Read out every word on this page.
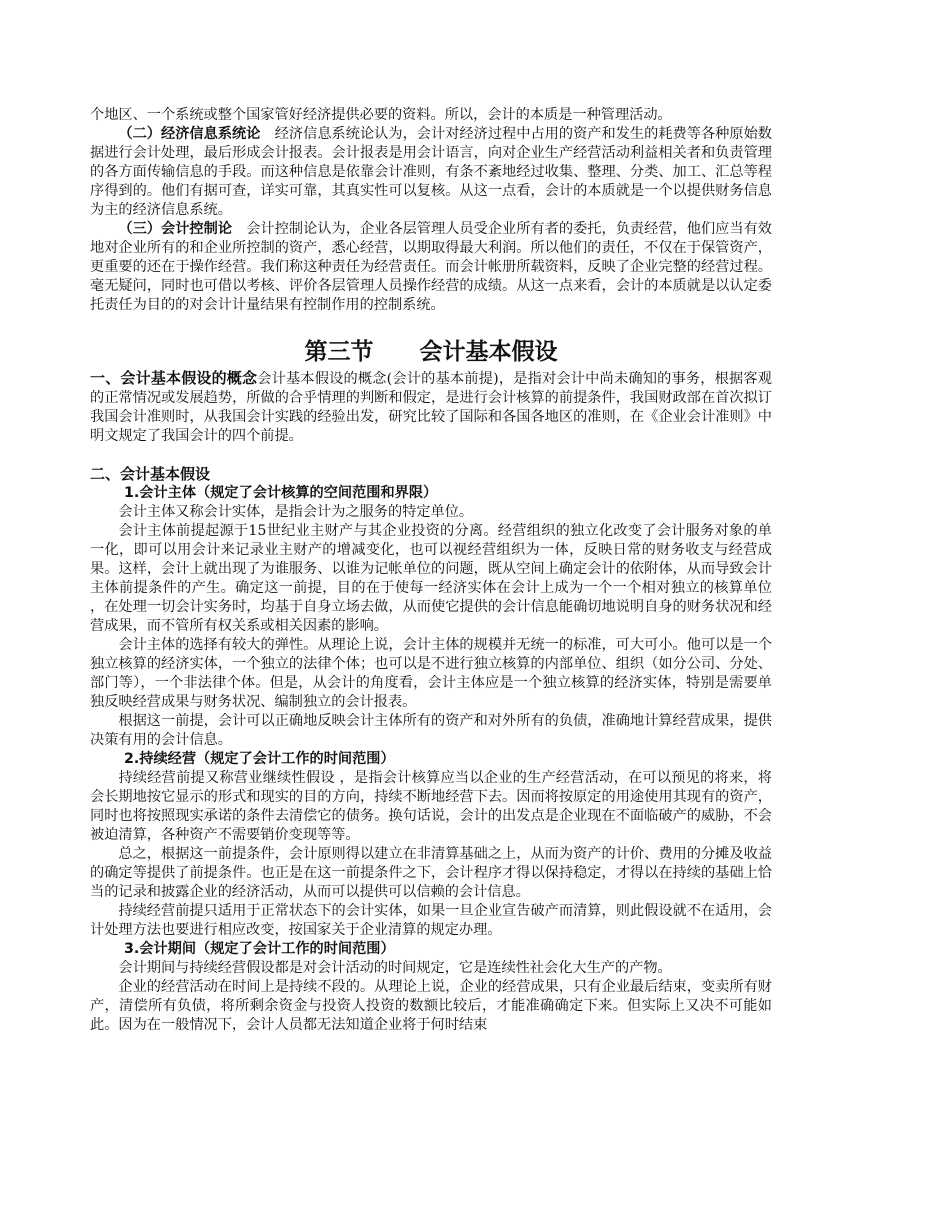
个地区、一个系统或整个国家管好经济提供必要的资料。所以，会计的本质是一种管理活动。

（二）经济信息系统论　经济信息系统论认为，会计对经济过程中占用的资产和发生的耗费等各种原始数据进行会计处理，最后形成会计报表。会计报表是用会计语言，向对企业生产经营活动利益相关者和负责管理的各方面传输信息的手段。而这种信息是依靠会计准则，有条不紊地经过收集、整理、分类、加工、汇总等程序得到的。他们有据可查，详实可靠，其真实性可以复核。从这一点看，会计的本质就是一个以提供财务信息为主的经济信息系统。

（三）会计控制论　会计控制论认为，企业各层管理人员受企业所有者的委托，负责经营，他们应当有效地对企业所有的和企业所控制的资产，悉心经营，以期取得最大利润。所以他们的责任，不仅在于保管资产，更重要的还在于操作经营。我们称这种责任为经营责任。而会计帐册所载资料，反映了企业完整的经营过程。毫无疑问，同时也可借以考核、评价各层管理人员操作经营的成绩。从这一点来看，会计的本质就是以认定委托责任为目的的对会计计量结果有控制作用的控制系统。

第三节 会计基本假设

一、会计基本假设的概念会计基本假设的概念(会计的基本前提)，是指对会计中尚未确知的事务，根据客观的正常情况或发展趋势，所做的合乎情理的判断和假定，是进行会计核算的前提条件，我国财政部在首次拟订我国会计准则时，从我国会计实践的经验出发，研究比较了国际和各国各地区的准则，在《企业会计准则》中明文规定了我国会计的四个前提。

二、会计基本假设

1.会计主体（规定了会计核算的空间范围和界限）

会计主体又称会计实体，是指会计为之服务的特定单位。

会计主体前提起源于15世纪业主财产与其企业投资的分离。经营组织的独立化改变了会计服务对象的单一化，即可以用会计来记录业主财产的增减变化，也可以视经营组织为一体，反映日常的财务收支与经营成果。这样，会计上就出现了为谁服务、以谁为记帐单位的问题，既从空间上确定会计的依附体，从而导致会计主体前提条件的产生。确定这一前提，目的在于使每一经济实体在会计上成为一个一个相对独立的核算单位 ，在处理一切会计实务时，均基于自身立场去做，从而使它提供的会计信息能确切地说明自身的财务状况和经营成果，而不管所有权关系或相关因素的影响。

会计主体的选择有较大的弹性。从理论上说，会计主体的规模并无统一的标准，可大可小。他可以是一个独立核算的经济实体，一个独立的法律个体；也可以是不进行独立核算的内部单位、组织（如分公司、分处、部门等），一个非法律个体。但是，从会计的角度看，会计主体应是一个独立核算的经济实体，特别是需要单独反映经营成果与财务状况、编制独立的会计报表。

根据这一前提，会计可以正确地反映会计主体所有的资产和对外所有的负债，准确地计算经营成果，提供决策有用的会计信息。

2.持续经营（规定了会计工作的时间范围）

持续经营前提又称营业继续性假设 ，是指会计核算应当以企业的生产经营活动，在可以预见的将来，将会长期地按它显示的形式和现实的目的方向，持续不断地经营下去。因而将按原定的用途使用其现有的资产，同时也将按照现实承诺的条件去清偿它的债务。换句话说，会计的出发点是企业现在不面临破产的威胁，不会被迫清算，各种资产不需要销价变现等等。

总之，根据这一前提条件，会计原则得以建立在非清算基础之上，从而为资产的计价、费用的分摊及收益的确定等提供了前提条件。也正是在这一前提条件之下，会计程序才得以保持稳定，才得以在持续的基础上恰当的记录和披露企业的经济活动，从而可以提供可以信赖的会计信息。

持续经营前提只适用于正常状态下的会计实体，如果一旦企业宣告破产而清算，则此假设就不在适用，会计处理方法也要进行相应改变，按国家关于企业清算的规定办理。

3.会计期间（规定了会计工作的时间范围）

会计期间与持续经营假设都是对会计活动的时间规定，它是连续性社会化大生产的产物。

企业的经营活动在时间上是持续不段的。从理论上说，企业的经营成果，只有企业最后结束，变卖所有财产，清偿所有负债，将所剩余资金与投资人投资的数额比较后，才能准确确定下来。但实际上又决不可能如此。因为在一般情况下，会计人员都无法知道企业将于何时结束
